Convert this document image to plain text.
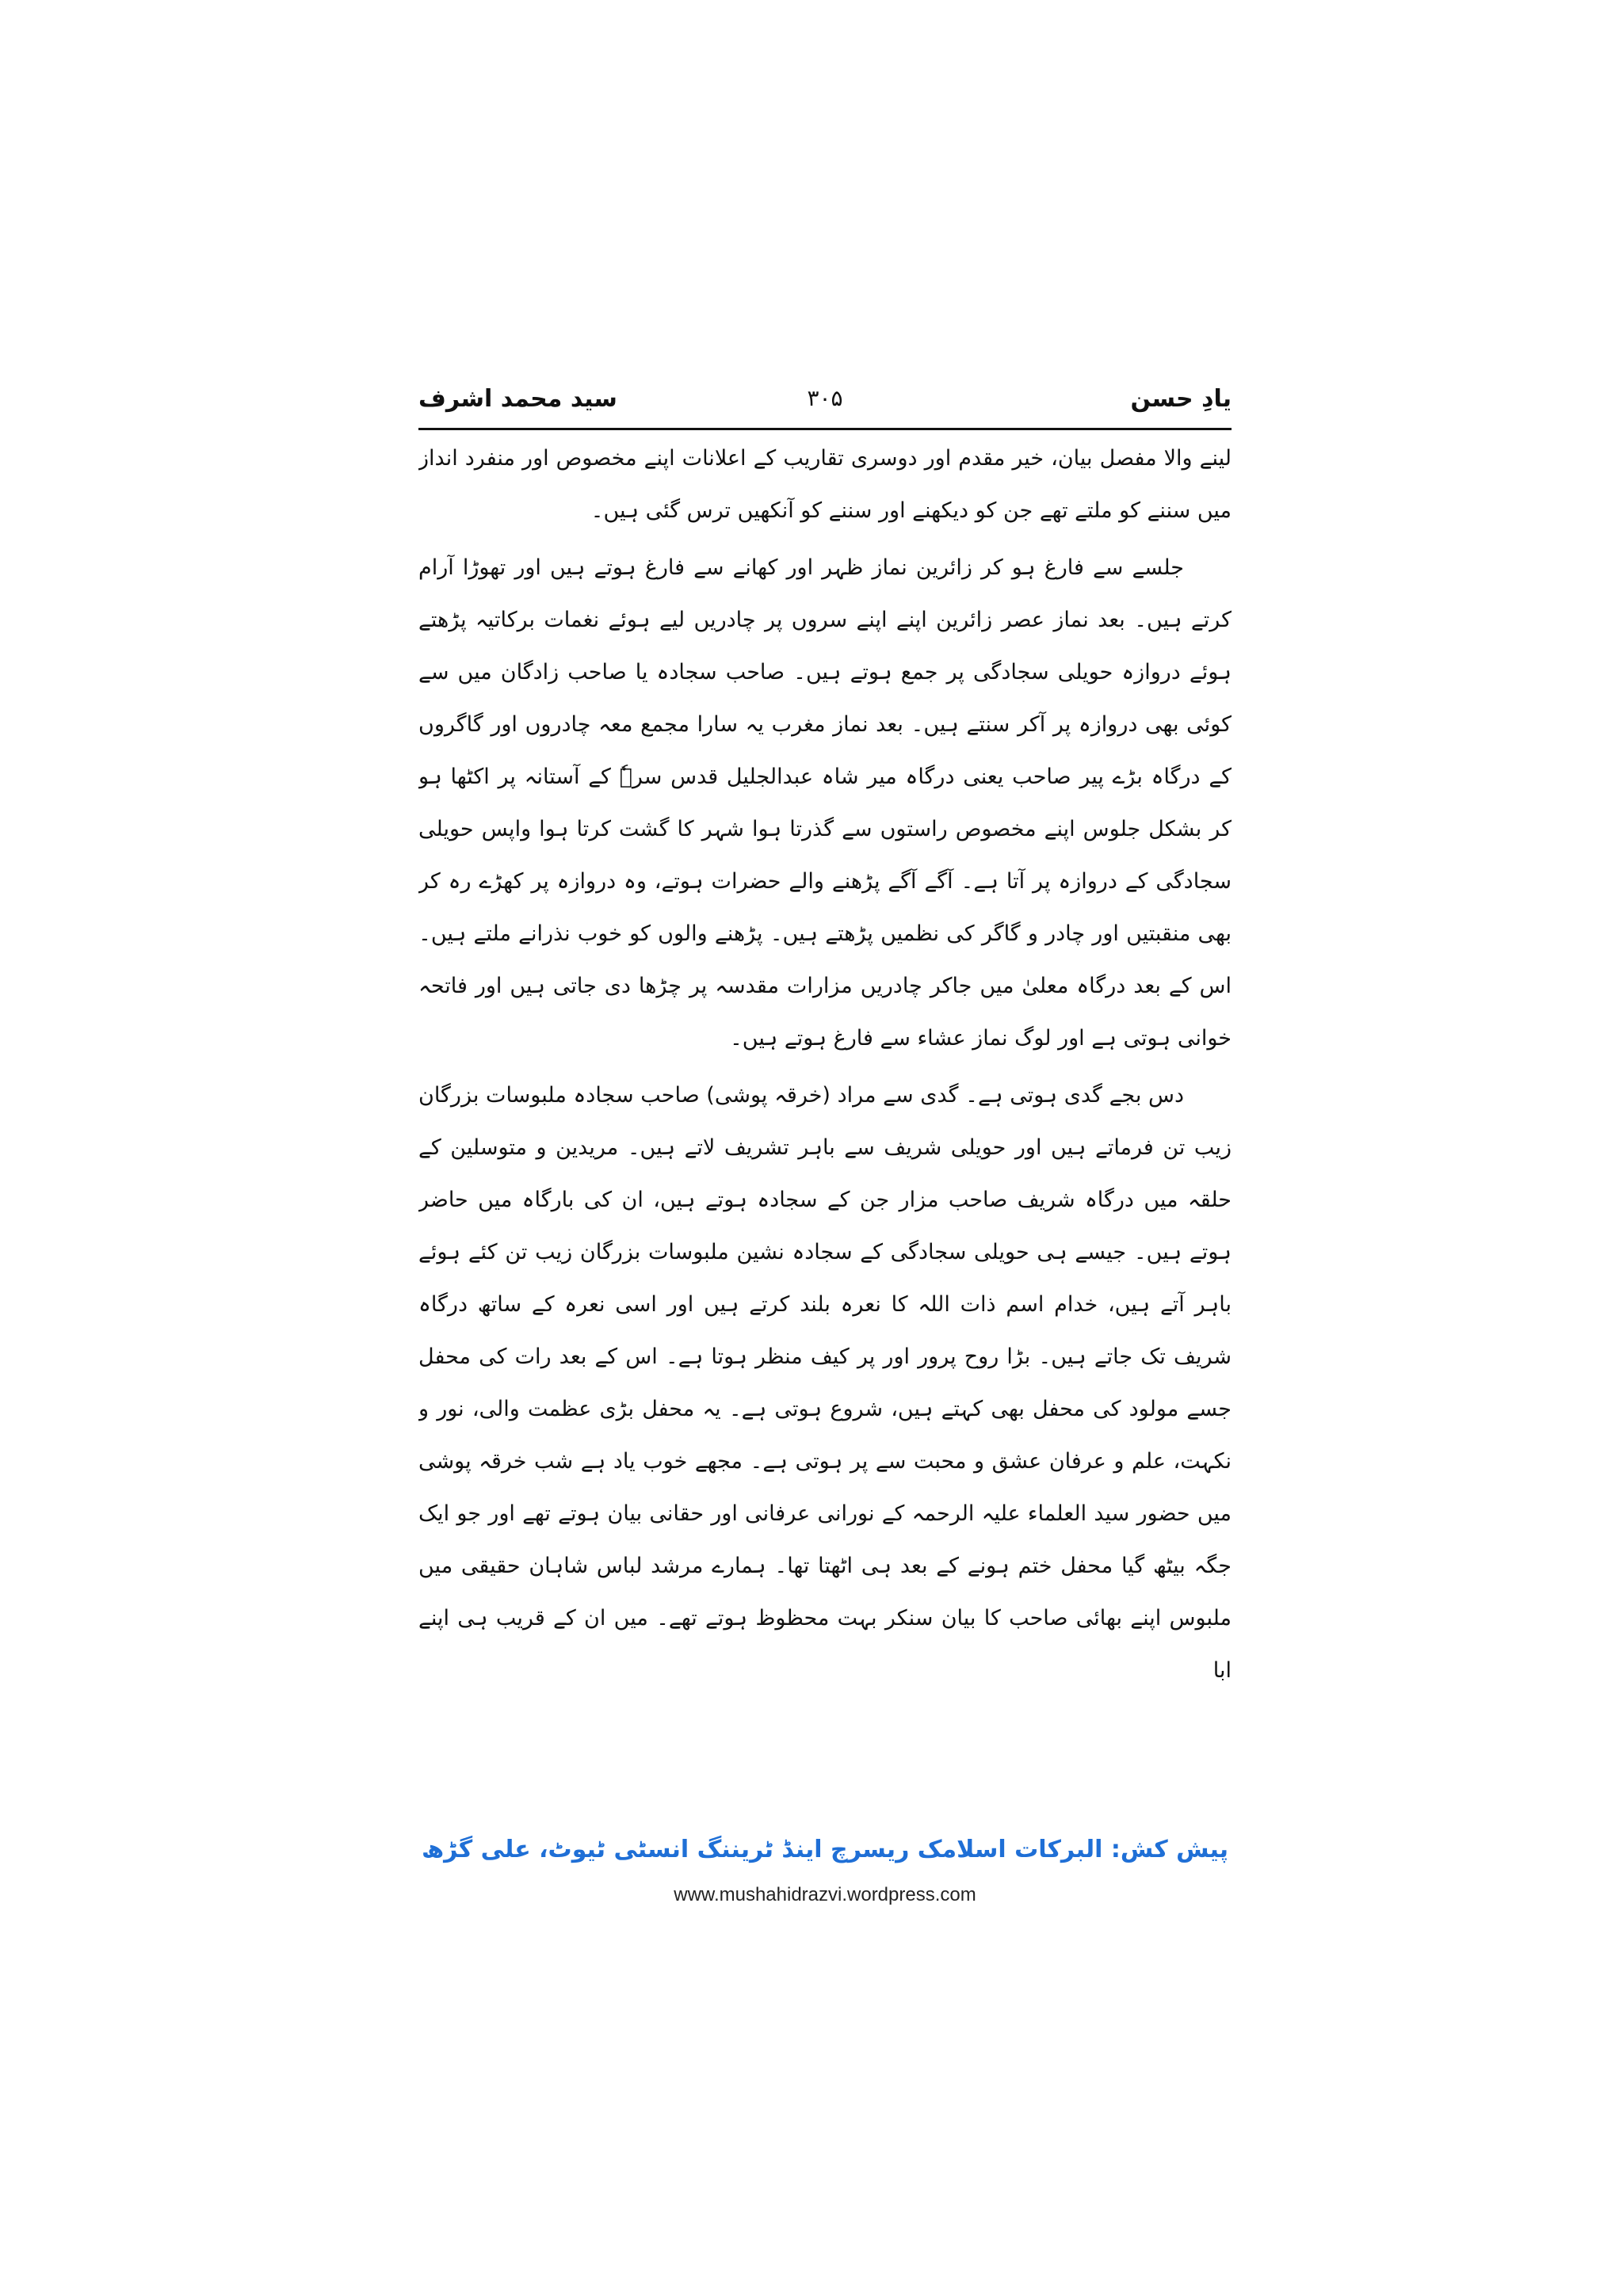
یادِ حسن
۳۰۵
سید محمد اشرف

لینے والا مفصل بیان، خیر مقدم اور دوسری تقاریب کے اعلانات اپنے مخصوص اور منفرد انداز میں سننے کو ملتے تھے جن کو دیکھنے اور سننے کو آنکھیں ترس گئی ہیں۔

جلسے سے فارغ ہو کر زائرین نماز ظہر اور کھانے سے فارغ ہوتے ہیں اور تھوڑا آرام کرتے ہیں۔ بعد نماز عصر زائرین اپنے اپنے سروں پر چادریں لیے ہوئے نغمات برکاتیہ پڑھتے ہوئے دروازہ حویلی سجادگی پر جمع ہوتے ہیں۔ صاحب سجادہ یا صاحب زادگان میں سے کوئی بھی دروازہ پر آکر سنتے ہیں۔ بعد نماز مغرب یہ سارا مجمع معہ چادروں اور گاگروں کے درگاہ بڑے پیر صاحب یعنی درگاہ میر شاہ عبدالجلیل قدس سرہٗ کے آستانہ پر اکٹھا ہو کر بشکل جلوس اپنے مخصوص راستوں سے گذرتا ہوا شہر کا گشت کرتا ہوا واپس حویلی سجادگی کے دروازہ پر آتا ہے۔ آگے آگے پڑھنے والے حضرات ہوتے، وہ دروازہ پر کھڑے رہ کر بھی منقبتیں اور چادر و گاگر کی نظمیں پڑھتے ہیں۔ پڑھنے والوں کو خوب نذرانے ملتے ہیں۔ اس کے بعد درگاہ معلیٰ میں جاکر چادریں مزارات مقدسہ پر چڑھا دی جاتی ہیں اور فاتحہ خوانی ہوتی ہے اور لوگ نماز عشاء سے فارغ ہوتے ہیں۔

دس بجے گدی ہوتی ہے۔ گدی سے مراد (خرقہ پوشی) صاحب سجادہ ملبوسات بزرگان زیب تن فرماتے ہیں اور حویلی شریف سے باہر تشریف لاتے ہیں۔ مریدین و متوسلین کے حلقہ میں درگاہ شریف صاحب مزار جن کے سجادہ ہوتے ہیں، ان کی بارگاہ میں حاضر ہوتے ہیں۔ جیسے ہی حویلی سجادگی کے سجادہ نشین ملبوسات بزرگان زیب تن کئے ہوئے باہر آتے ہیں، خدام اسم ذات اللہ کا نعرہ بلند کرتے ہیں اور اسی نعرہ کے ساتھ درگاہ شریف تک جاتے ہیں۔ بڑا روح پرور اور پر کیف منظر ہوتا ہے۔ اس کے بعد رات کی محفل جسے مولود کی محفل بھی کہتے ہیں، شروع ہوتی ہے۔ یہ محفل بڑی عظمت والی، نور و نکہت، علم و عرفان عشق و محبت سے پر ہوتی ہے۔ مجھے خوب یاد ہے شب خرقہ پوشی میں حضور سید العلماء علیہ الرحمہ کے نورانی عرفانی اور حقانی بیان ہوتے تھے اور جو ایک جگہ بیٹھ گیا محفل ختم ہونے کے بعد ہی اٹھتا تھا۔ ہمارے مرشد لباس شاہان حقیقی میں ملبوس اپنے بھائی صاحب کا بیان سنکر بہت محظوظ ہوتے تھے۔ میں ان کے قریب ہی اپنے ابا

پیش کش: البرکات اسلامک ریسرچ اینڈ ٹریننگ انسٹی ٹیوٹ، علی گڑھ
www.mushahidrazvi.wordpress.com
